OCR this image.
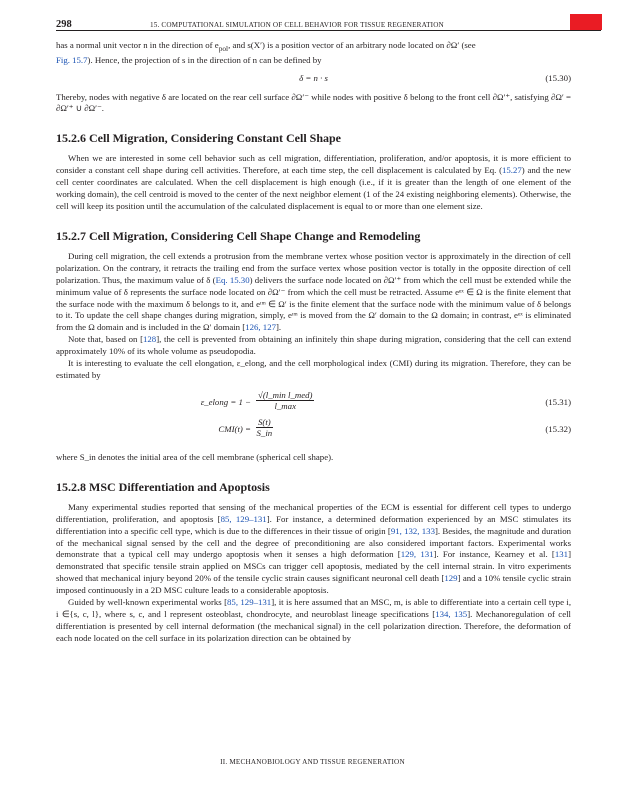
298	15. COMPUTATIONAL SIMULATION OF CELL BEHAVIOR FOR TISSUE REGENERATION

has a normal unit vector n in the direction of $e_{pol}$, and s(X′) is a position vector of an arbitrary node located on ∂Ω′ (see
Fig. 15.7). Hence, the projection of s in the direction of n can be defined by

δ = n · s	(15.30)

Thereby, nodes with negative δ are located on the rear cell surface ∂Ω′⁻ while nodes with positive δ belong to the front cell ∂Ω′⁺, satisfying ∂Ω′ = ∂Ω′⁺ ∪ ∂Ω′⁻.

15.2.6 Cell Migration, Considering Constant Cell Shape

When we are interested in some cell behavior such as cell migration, differentiation, proliferation, and/or apoptosis, it is more efficient to consider a constant cell shape during cell activities. Therefore, at each time step, the cell displacement is calculated by Eq. (15.27) and the new cell center coordinates are calculated. When the cell displacement is high enough (i.e., if it is greater than the length of one element of the working domain), the cell centroid is moved to the center of the next neighbor element (1 of the 24 existing neighboring elements). Otherwise, the cell will keep its position until the accumulation of the calculated displacement is equal to or more than one element size.

15.2.7 Cell Migration, Considering Cell Shape Change and Remodeling

During cell migration, the cell extends a protrusion from the membrane vertex whose position vector is approximately in the direction of cell polarization. On the contrary, it retracts the trailing end from the surface vertex whose position vector is totally in the opposite direction of cell polarization. Thus, the maximum value of δ (Eq. 15.30) delivers the surface node located on ∂Ω′⁺ from which the cell must be extended while the minimum value of δ represents the surface node located on ∂Ω′⁻ from which the cell must be retracted. Assume eᵉˣ ∈ Ω is the finite element that the surface node with the maximum δ belongs to it, and eᶦᵐ ∈ Ω′ is the finite element that the surface node with the minimum value of δ belongs to it. To update the cell shape changes during migration, simply, eᶦᵐ is moved from the Ω′ domain to the Ω domain; in contrast, eᵉˣ is eliminated from the Ω domain and is included in the Ω′ domain [126, 127].

Note that, based on [128], the cell is prevented from obtaining an infinitely thin shape during migration, considering that the cell can extend approximately 10% of its whole volume as pseudopodia.

It is interesting to evaluate the cell elongation, ε_elong, and the cell morphological index (CMI) during its migration. Therefore, they can be estimated by

ε_elong = $1 - \frac{\text{√(l\_min l\_med)}}{l\_\max}$	(15.31)
$CMI(t) = \frac{S(t)}{S\_in}$	(15.32)

where S_in denotes the initial area of the cell membrane (spherical cell shape).

15.2.8 MSC Differentiation and Apoptosis

Many experimental studies reported that sensing of the mechanical properties of the ECM is essential for different cell types to undergo differentiation, proliferation, and apoptosis [85, 129–131]. For instance, a determined deformation experienced by an MSC stimulates its differentiation into a specific cell type, which is due to the differences in their tissue of origin [91, 132, 133]. Besides, the magnitude and duration of the mechanical signal sensed by the cell and the degree of preconditioning are also considered important factors. Experimental works demonstrate that a typical cell may undergo apoptosis when it senses a high deformation [129, 131]. For instance, Kearney et al. [131] demonstrated that specific tensile strain applied on MSCs can trigger cell apoptosis, mediated by the cell internal strain. In vitro experiments showed that mechanical injury beyond 20% of the tensile cyclic strain causes significant neuronal cell death [129] and a 10% tensile cyclic strain imposed continuously in a 2D MSC culture leads to a considerable apoptosis.

Guided by well-known experimental works [85, 129–131], it is here assumed that an MSC, m, is able to differentiate into a certain cell type i, i ∈{s, c, l}, where s, c, and l represent osteoblast, chondrocyte, and neuroblast lineage specifications [134, 135]. Mechanoregulation of cell differentiation is presented by cell internal deformation (the mechanical signal) in the cell polarization direction. Therefore, the deformation of each node located on the cell surface in its polarization direction can be obtained by

II. MECHANOBIOLOGY AND TISSUE REGENERATION
